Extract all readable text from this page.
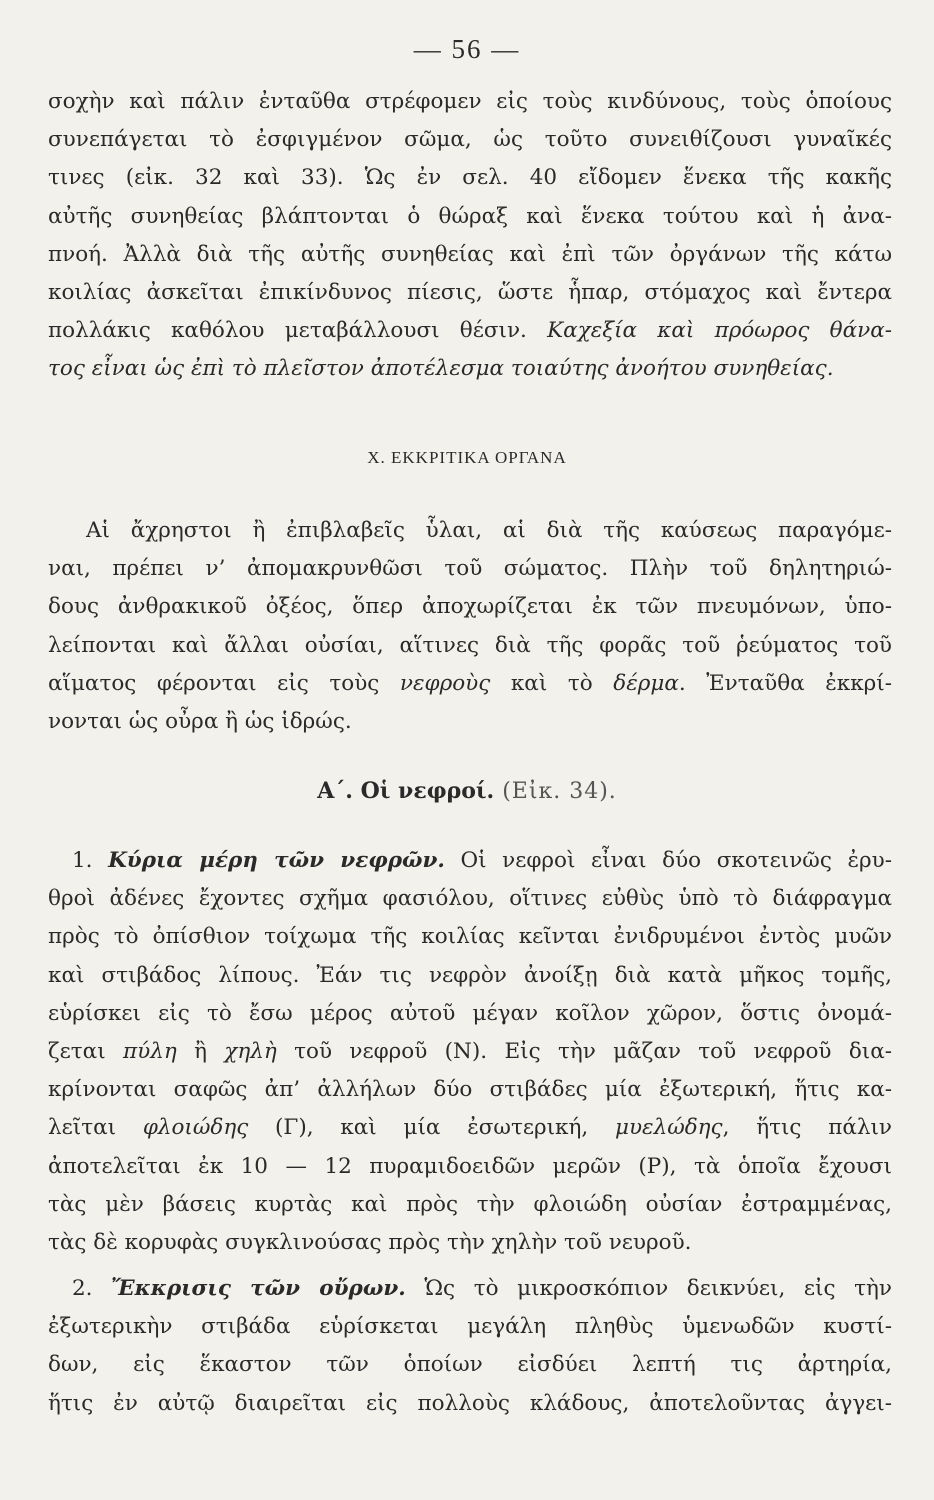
— 56 —
σοχὴν καὶ πάλιν ἐνταῦθα στρέφομεν εἰς τοὺς κινδύνους, τοὺς ὁποίους
συνεπάγεται τὸ ἐσφιγμένον σῶμα, ὡς τοῦτο συνειθίζουσι γυναῖκές
τινες (εἰκ. 32 καὶ 33). Ὡς ἐν σελ. 40 εἴδομεν ἕνεκα τῆς κακῆς
αὐτῆς συνηθείας βλάπτονται ὁ θώραξ καὶ ἕνεκα τούτου καὶ ἡ ἀνα-
πνοή. Ἀλλὰ διὰ τῆς αὐτῆς συνηθείας καὶ ἐπὶ τῶν ὀργάνων τῆς κάτω
κοιλίας ἀσκεῖται ἐπικίνδυνος πίεσις, ὥστε ἧπαρ, στόμαχος καὶ ἔντερα
πολλάκις καθόλου μεταβάλλουσι θέσιν. Καχεξία καὶ πρόωρος θάνα-
τος εἶναι ὡς ἐπὶ τὸ πλεῖστον ἀποτέλεσμα τοιαύτης ἀνοήτου συνηθείας.
X. ΕΚΚΡΙΤΙΚΑ ΟΡΓΑΝΑ
Αἱ ἄχρηστοι ἢ ἐπιβλαβεῖς ὗλαι, αἱ διὰ τῆς καύσεως παραγόμε-
ναι, πρέπει ν’ ἀπομακρυνθῶσι τοῦ σώματος. Πλὴν τοῦ δηλητηριώ-
δους ἀνθρακικοῦ ὀξέος, ὅπερ ἀποχωρίζεται ἐκ τῶν πνευμόνων, ὑπο-
λείπονται καὶ ἄλλαι οὐσίαι, αἵτινες διὰ τῆς φορᾶς τοῦ ῥεύματος τοῦ
αἵματος φέρονται εἰς τοὺς νεφροὺς καὶ τὸ δέρμα. Ἐνταῦθα ἐκκρί-
νονται ὡς οὖρα ἢ ὡς ἱδρώς.
Α΄. Οἱ νεφροί. (Εἰκ. 34).
1. Κύρια μέρη τῶν νεφρῶν. Οἱ νεφροὶ εἶναι δύο σκοτεινῶς ἐρυ-
θροὶ ἀδένες ἔχοντες σχῆμα φασιόλου, οἵτινες εὐθὺς ὑπὸ τὸ διάφραγμα
πρὸς τὸ ὀπίσθιον τοίχωμα τῆς κοιλίας κεῖνται ἐνιδρυμένοι ἐντὸς μυῶν
καὶ στιβάδος λίπους. Ἐάν τις νεφρὸν ἀνοίξῃ διὰ κατὰ μῆκος τομῆς,
εὑρίσκει εἰς τὸ ἔσω μέρος αὐτοῦ μέγαν κοῖλον χῶρον, ὅστις ὀνομά-
ζεται πύλη ἢ χηλὴ τοῦ νεφροῦ (Ν). Εἰς τὴν μᾶζαν τοῦ νεφροῦ δια-
κρίνονται σαφῶς ἀπ’ ἀλλήλων δύο στιβάδες μία ἐξωτερική, ἥτις κα-
λεῖται φλοιώδης (Γ), καὶ μία ἐσωτερική, μυελώδης, ἥτις πάλιν
ἀποτελεῖται ἐκ 10 — 12 πυραμιδοειδῶν μερῶν (Ρ), τὰ ὁποῖα ἔχουσι
τὰς μὲν βάσεις κυρτὰς καὶ πρὸς τὴν φλοιώδη οὐσίαν ἐστραμμένας,
τὰς δὲ κορυφὰς συγκλινούσας πρὸς τὴν χηλὴν τοῦ νευροῦ.
2. Ἔκκρισις τῶν οὔρων. Ὡς τὸ μικροσκόπιον δεικνύει, εἰς τὴν
ἐξωτερικὴν στιβάδα εὑρίσκεται μεγάλη πληθὺς ὑμενωδῶν κυστί-
δων, εἰς ἕκαστον τῶν ὁποίων εἰσδύει λεπτή τις ἀρτηρία,
ἥτις ἐν αὐτῷ διαιρεῖται εἰς πολλοὺς κλάδους, ἀποτελοῦντας ἀγγει-
